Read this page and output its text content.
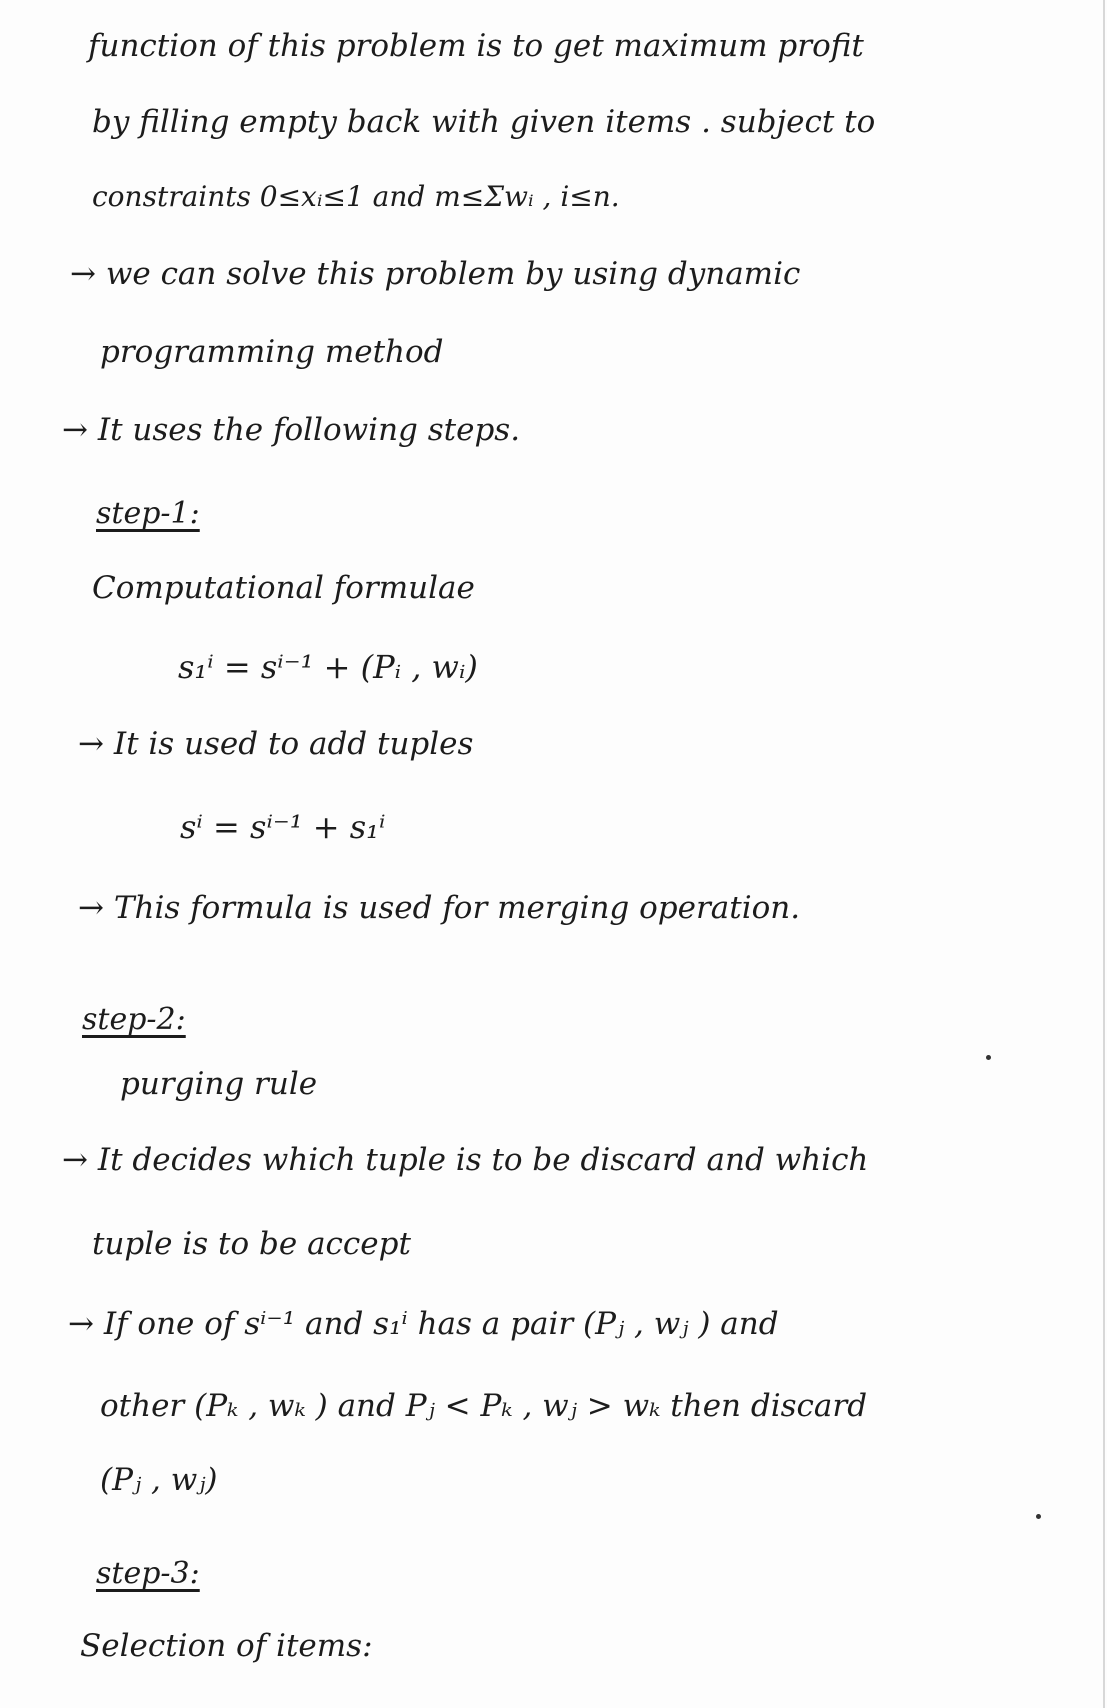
function of this problem is to get maximum profit
by filling empty back with given items . subject to
constraints 0≤xᵢ≤1 and m≤Σwᵢ , i≤n.
→ we can solve this problem by using dynamic
programming method
→ It uses the following steps.
step-1:
Computational formulae
s₁ⁱ = sⁱ⁻¹ + (Pᵢ , wᵢ)
→ It is used to add tuples
sⁱ = sⁱ⁻¹ + s₁ⁱ
→ This formula is used for merging operation.
step-2:
purging rule
→ It decides which tuple is to be discard and which
tuple is to be accept
→ If one of sⁱ⁻¹ and s₁ⁱ has a pair (Pⱼ , wⱼ ) and
other (Pₖ , wₖ ) and Pⱼ < Pₖ , wⱼ > wₖ then discard
(Pⱼ , wⱼ)
step-3:
Selection of items:
